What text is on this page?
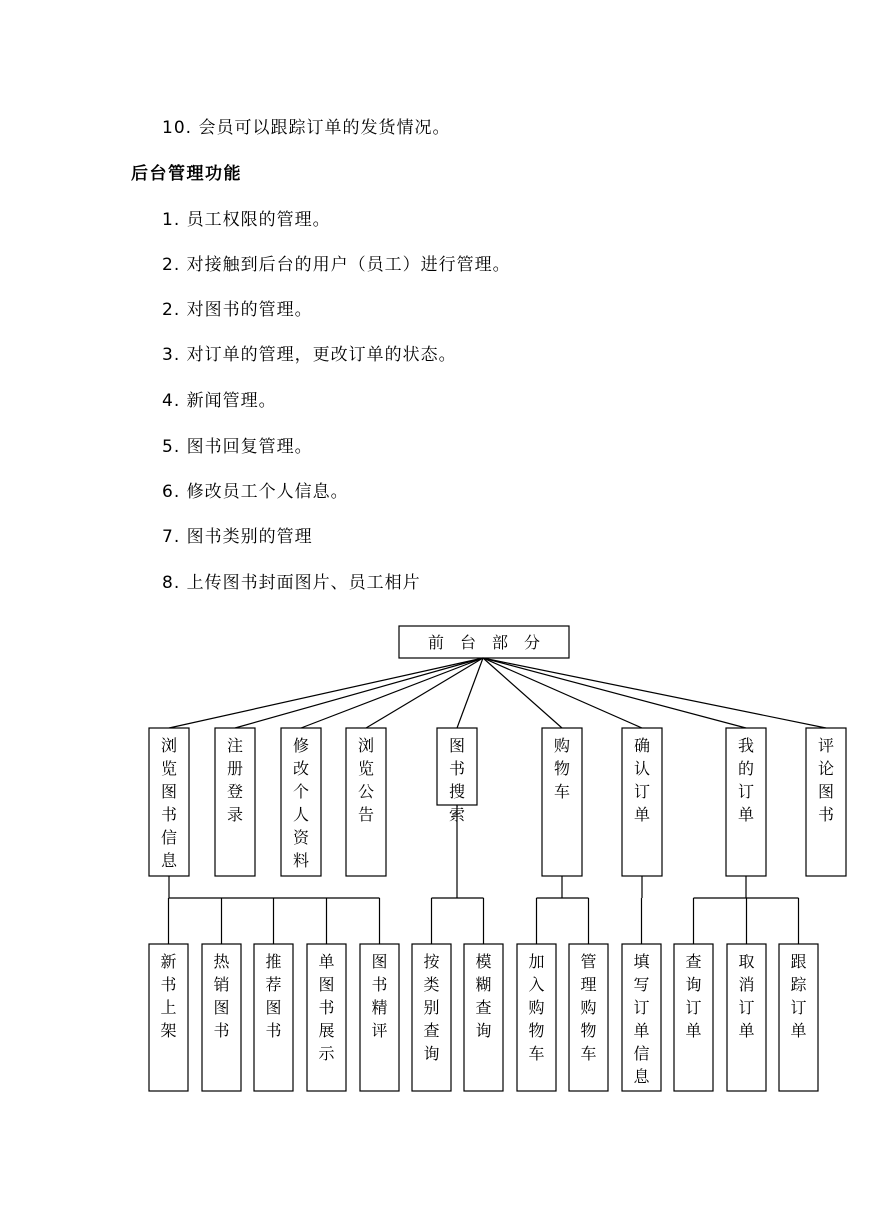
10. 会员可以跟踪订单的发货情况。
后台管理功能
1. 员工权限的管理。
2. 对接触到后台的用户（员工）进行管理。
2. 对图书的管理。
3. 对订单的管理，更改订单的状态。
4. 新闻管理。
5. 图书回复管理。
6. 修改员工个人信息。
7. 图书类别的管理
8. 上传图书封面图片、员工相片
前　台　部　分
浏
览
图
书
信
息
新
书
上
架
热
销
图
书
推
荐
图
书
单
图
书
展
示
图
书
精
评
注
册
登
录
修
改
个
人
资
料
浏
览
公
告
图
书
搜
索
按
类
别
查
询
模
糊
查
询
购
物
车
加
入
购
物
车
管
理
购
物
车
确
认
订
单
填
写
订
单
信
息
我
的
订
单
查
询
订
单
取
消
订
单
跟
踪
订
单
评
论
图
书
